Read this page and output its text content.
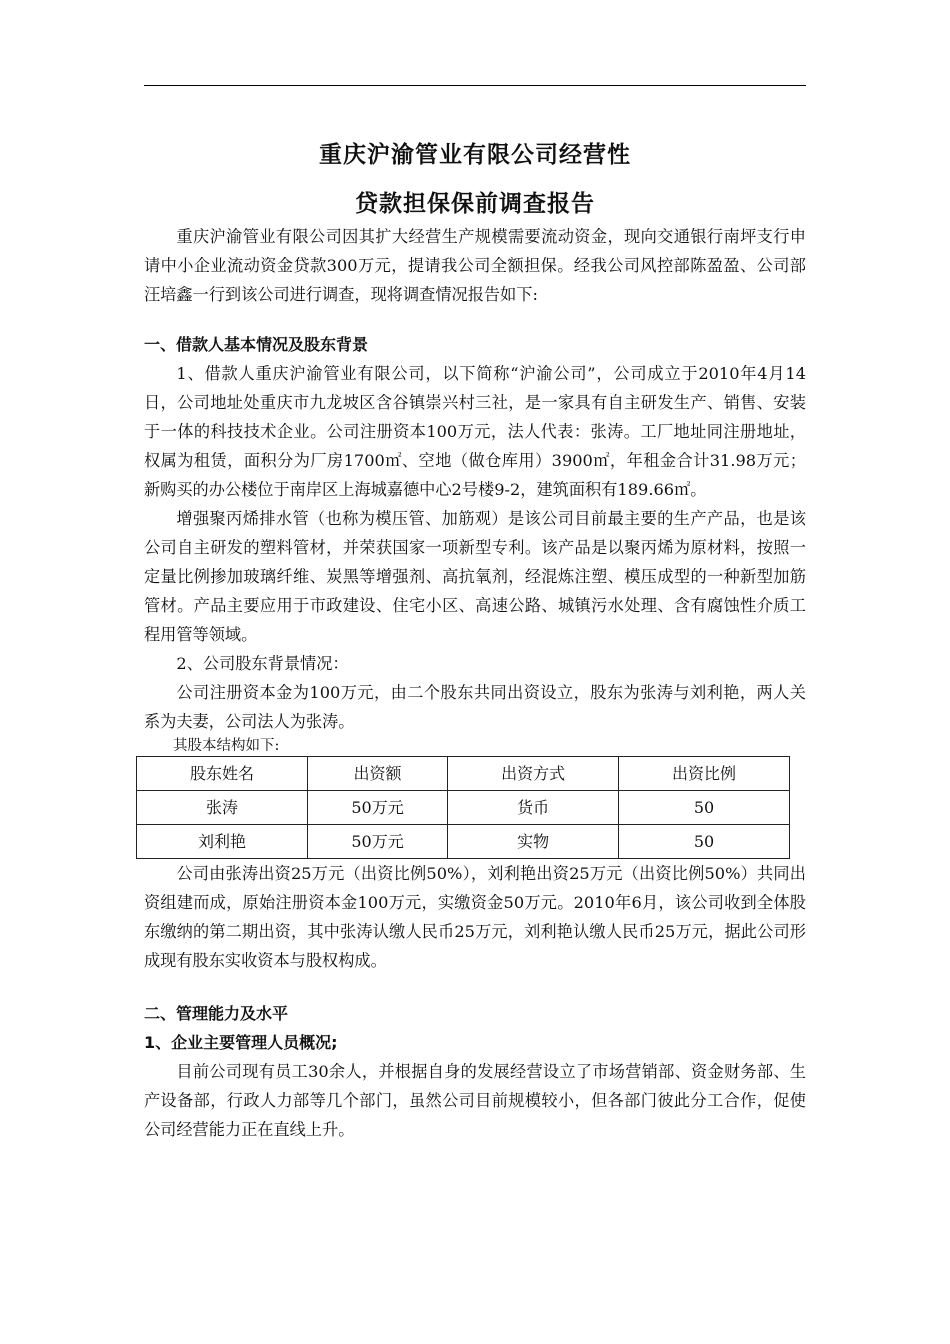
重庆沪渝管业有限公司经营性
贷款担保保前调查报告

重庆沪渝管业有限公司因其扩大经营生产规模需要流动资金，现向交通银行南坪支行申请中小企业流动资金贷款300万元，提请我公司全额担保。经我公司风控部陈盈盈、公司部汪培鑫一行到该公司进行调查，现将调查情况报告如下:

一、借款人基本情况及股东背景

1、借款人重庆沪渝管业有限公司，以下简称“沪渝公司”，公司成立于2010年4月14日，公司地址处重庆市九龙坡区含谷镇崇兴村三社，是一家具有自主研发生产、销售、安装于一体的科技技术企业。公司注册资本100万元，法人代表：张涛。工厂地址同注册地址，权属为租赁，面积分为厂房1700㎡、空地（做仓库用）3900㎡，年租金合计31.98万元；新购买的办公楼位于南岸区上海城嘉德中心2号楼9-2，建筑面积有189.66㎡。

增强聚丙烯排水管（也称为模压管、加筋观）是该公司目前最主要的生产产品，也是该公司自主研发的塑料管材，并荣获国家一项新型专利。该产品是以聚丙烯为原材料，按照一定量比例掺加玻璃纤维、炭黑等增强剂、高抗氧剂，经混炼注塑、模压成型的一种新型加筋管材。产品主要应用于市政建设、住宅小区、高速公路、城镇污水处理、含有腐蚀性介质工程用管等领域。

2、公司股东背景情况：

公司注册资本金为100万元，由二个股东共同出资设立，股东为张涛与刘利艳，两人关系为夫妻，公司法人为张涛。

其股本结构如下:

股东姓名	出资额	出资方式	出资比例
张涛	50万元	货币	50
刘利艳	50万元	实物	50

公司由张涛出资25万元（出资比例50%），刘利艳出资25万元（出资比例50%）共同出资组建而成，原始注册资本金100万元，实缴资金50万元。2010年6月，该公司收到全体股东缴纳的第二期出资，其中张涛认缴人民币25万元，刘利艳认缴人民币25万元，据此公司形成现有股东实收资本与股权构成。

二、管理能力及水平

1、企业主要管理人员概况;

目前公司现有员工30余人，并根据自身的发展经营设立了市场营销部、资金财务部、生产设备部，行政人力部等几个部门，虽然公司目前规模较小，但各部门彼此分工合作，促使公司经营能力正在直线上升。
